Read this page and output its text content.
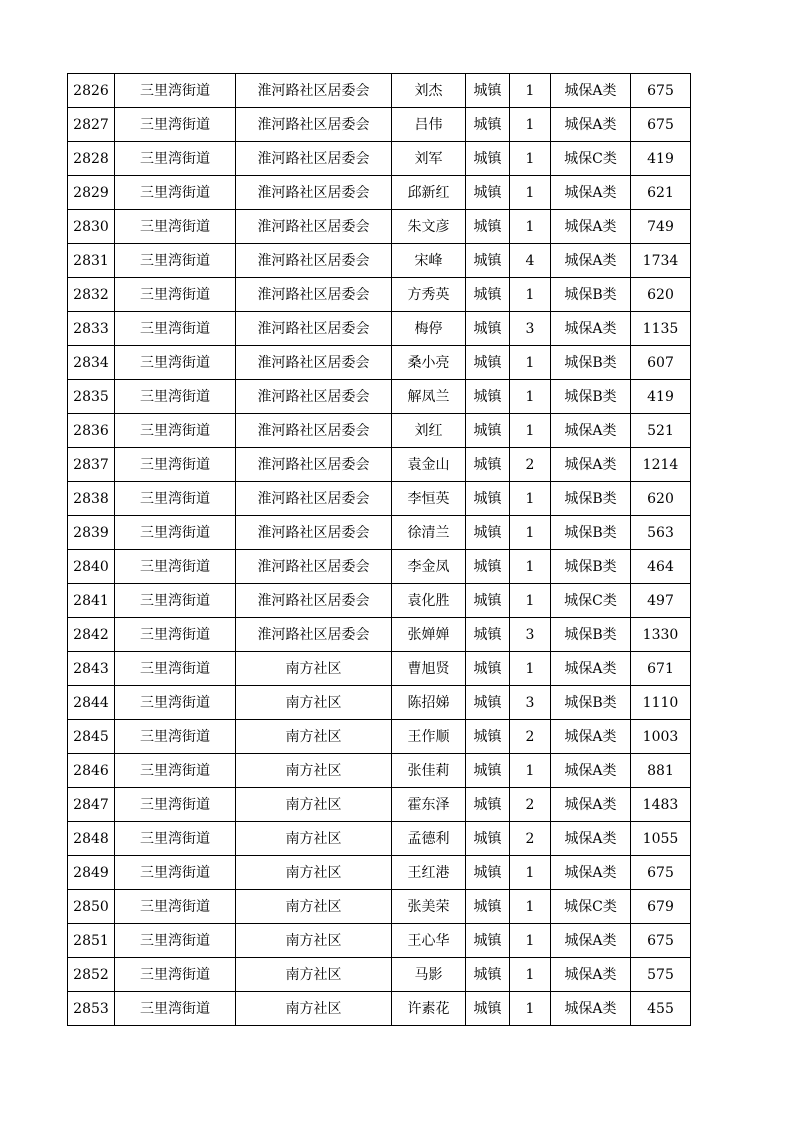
2826	三里湾街道	淮河路社区居委会	刘杰	城镇	1	城保A类	675
2827	三里湾街道	淮河路社区居委会	吕伟	城镇	1	城保A类	675
2828	三里湾街道	淮河路社区居委会	刘军	城镇	1	城保C类	419
2829	三里湾街道	淮河路社区居委会	邱新红	城镇	1	城保A类	621
2830	三里湾街道	淮河路社区居委会	朱文彦	城镇	1	城保A类	749
2831	三里湾街道	淮河路社区居委会	宋峰	城镇	4	城保A类	1734
2832	三里湾街道	淮河路社区居委会	方秀英	城镇	1	城保B类	620
2833	三里湾街道	淮河路社区居委会	梅停	城镇	3	城保A类	1135
2834	三里湾街道	淮河路社区居委会	桑小亮	城镇	1	城保B类	607
2835	三里湾街道	淮河路社区居委会	解凤兰	城镇	1	城保B类	419
2836	三里湾街道	淮河路社区居委会	刘红	城镇	1	城保A类	521
2837	三里湾街道	淮河路社区居委会	袁金山	城镇	2	城保A类	1214
2838	三里湾街道	淮河路社区居委会	李恒英	城镇	1	城保B类	620
2839	三里湾街道	淮河路社区居委会	徐清兰	城镇	1	城保B类	563
2840	三里湾街道	淮河路社区居委会	李金凤	城镇	1	城保B类	464
2841	三里湾街道	淮河路社区居委会	袁化胜	城镇	1	城保C类	497
2842	三里湾街道	淮河路社区居委会	张婵婵	城镇	3	城保B类	1330
2843	三里湾街道	南方社区	曹旭贤	城镇	1	城保A类	671
2844	三里湾街道	南方社区	陈招娣	城镇	3	城保B类	1110
2845	三里湾街道	南方社区	王作顺	城镇	2	城保A类	1003
2846	三里湾街道	南方社区	张佳莉	城镇	1	城保A类	881
2847	三里湾街道	南方社区	霍东泽	城镇	2	城保A类	1483
2848	三里湾街道	南方社区	孟德利	城镇	2	城保A类	1055
2849	三里湾街道	南方社区	王红港	城镇	1	城保A类	675
2850	三里湾街道	南方社区	张美荣	城镇	1	城保C类	679
2851	三里湾街道	南方社区	王心华	城镇	1	城保A类	675
2852	三里湾街道	南方社区	马影	城镇	1	城保A类	575
2853	三里湾街道	南方社区	许素花	城镇	1	城保A类	455
